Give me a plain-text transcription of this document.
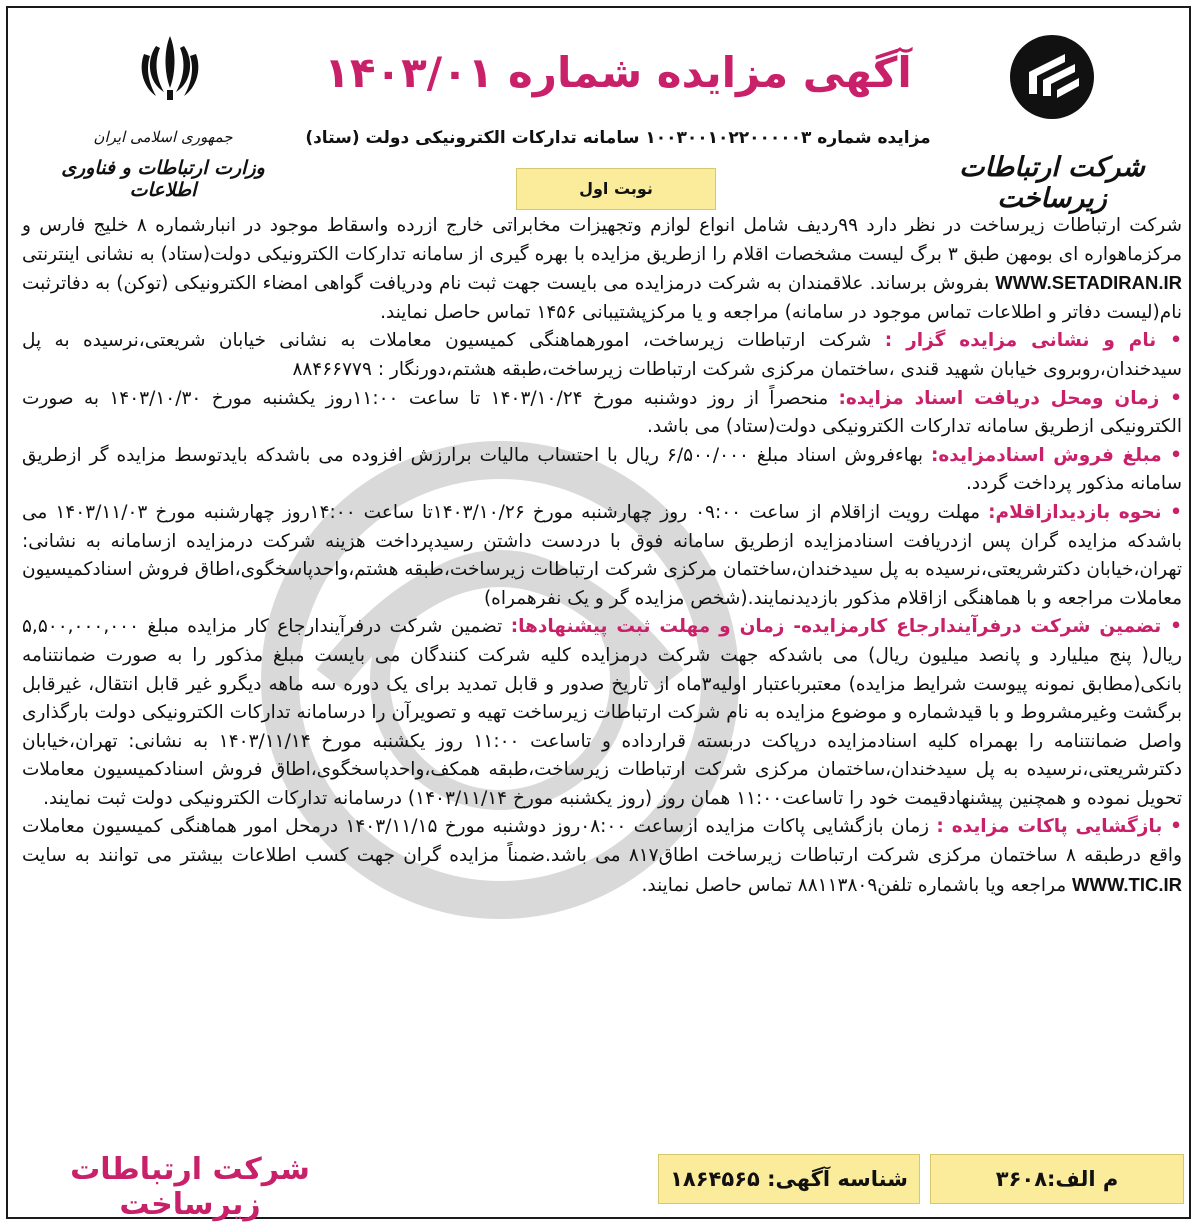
شرکت ارتباطات زیرساخت
آگهی مزایده شماره ۱۴۰۳/۰۱
مزایده شماره ۱۰۰۳۰۰۱۰۲۲۰۰۰۰۰۳ سامانه تدارکات الکترونیکی دولت (ستاد)
نوبت اول
جمهوری اسلامی ایران
وزارت ارتباطات و فناوری اطلاعات

شرکت ارتباطات زیرساخت در نظر دارد ۹۹ردیف شامل انواع لوازم وتجهیزات مخابراتی خارج ازرده واسقاط موجود در انبارشماره ۸ خلیج فارس و مرکزماهواره ای بومهن طبق ۳ برگ لیست مشخصات اقلام را ازطریق مزایده با بهره گیری از سامانه تدارکات الکترونیکی دولت(ستاد) به نشانی اینترنتی WWW.SETADIRAN.IR بفروش برساند. علاقمندان به شرکت درمزایده می بایست جهت ثبت نام ودریافت گواهی امضاء الکترونیکی (توکن) به دفاترثبت نام(لیست دفاتر و اطلاعات تماس موجود در سامانه) مراجعه و یا مرکزپشتیبانی ۱۴۵۶ تماس حاصل نمایند.

• نام و نشانی مزایده گزار : شرکت ارتباطات زیرساخت، امورهماهنگی کمیسیون معاملات به نشانی خیابان شریعتی،نرسیده به پل سیدخندان،روبروی خیابان شهید قندی ،ساختمان مرکزی شرکت ارتباطات زیرساخت،طبقه هشتم،دورنگار : ۸۸۴۶۶۷۷۹

• زمان ومحل دریافت اسناد مزایده: منحصراً از روز دوشنبه مورخ ۱۴۰۳/۱۰/۲۴ تا ساعت ۱۱:۰۰روز یکشنبه مورخ ۱۴۰۳/۱۰/۳۰ به صورت الکترونیکی ازطریق سامانه تدارکات الکترونیکی دولت(ستاد) می باشد.

• مبلغ فروش اسنادمزایده: بهاءفروش اسناد مبلغ ۶/۵۰۰/۰۰۰ ریال با احتساب مالیات برارزش افزوده می باشدکه بایدتوسط مزایده گر ازطریق سامانه مذکور پرداخت گردد.

• نحوه بازدیدازاقلام: مهلت رویت ازاقلام از ساعت ۰۹:۰۰ روز چهارشنبه مورخ ۱۴۰۳/۱۰/۲۶تا ساعت ۱۴:۰۰روز چهارشنبه مورخ ۱۴۰۳/۱۱/۰۳ می باشدکه مزایده گران پس ازدریافت اسنادمزایده ازطریق سامانه فوق با دردست داشتن رسیدپرداخت هزینه شرکت درمزایده ازسامانه به نشانی: تهران،خیابان دکترشریعتی،نرسیده به پل سیدخندان،ساختمان مرکزی شرکت ارتباطات زیرساخت،طبقه هشتم،واحدپاسخگوی،اطاق فروش اسنادکمیسیون معاملات مراجعه و با هماهنگی ازاقلام مذکور بازدیدنمایند.(شخص مزایده گر و یک نفرهمراه)

• تضمین شرکت درفرآیندارجاع کارمزایده- زمان و مهلت ثبت پیشنهادها: تضمین شرکت درفرآیندارجاع کار مزایده مبلغ ۵,۵۰۰,۰۰۰,۰۰۰ ریال( پنج میلیارد و پانصد میلیون ریال) می باشدکه جهت شرکت درمزایده کلیه شرکت کنندگان می بایست مبلغ مذکور را به صورت ضمانتنامه بانکی(مطابق نمونه پیوست شرایط مزایده) معتبرباعتبار اولیه۳ماه از تاریخ صدور و قابل تمدید برای یک دوره سه ماهه دیگرو غیر قابل انتقال، غیرقابل برگشت وغیرمشروط و با قیدشماره و موضوع مزایده به نام شرکت ارتباطات زیرساخت تهیه و تصویرآن را درسامانه تدارکات الکترونیکی دولت بارگذاری واصل ضمانتنامه را بهمراه کلیه اسنادمزایده درپاکت دربسته قرارداده و تاساعت ۱۱:۰۰ روز یکشنبه مورخ ۱۴۰۳/۱۱/۱۴ به نشانی: تهران،خیابان دکترشریعتی،نرسیده به پل سیدخندان،ساختمان مرکزی شرکت ارتباطات زیرساخت،طبقه همکف،واحدپاسخگوی،اطاق فروش اسنادکمیسیون معاملات تحویل نموده و همچنین پیشنهادقیمت خود را تاساعت۱۱:۰۰ همان روز (روز یکشنبه مورخ ۱۴۰۳/۱۱/۱۴) درسامانه تدارکات الکترونیکی دولت ثبت نمایند.

• بازگشایی پاکات مزایده : زمان بازگشایی پاکات مزایده ازساعت ۰۸:۰۰روز دوشنبه مورخ ۱۴۰۳/۱۱/۱۵ درمحل امور هماهنگی کمیسیون معاملات واقع درطبقه ۸ ساختمان مرکزی شرکت ارتباطات زیرساخت اطاق۸۱۷ می باشد.ضمناً مزایده گران جهت کسب اطلاعات بیشتر می توانند به سایت WWW.TIC.IR مراجعه ویا باشماره تلفن۸۸۱۱۳۸۰۹ تماس حاصل نمایند.

شرکت ارتباطات زیرساخت
شناسه آگهی: ۱۸۶۴۵۶۵	م الف:۳۶۰۸
